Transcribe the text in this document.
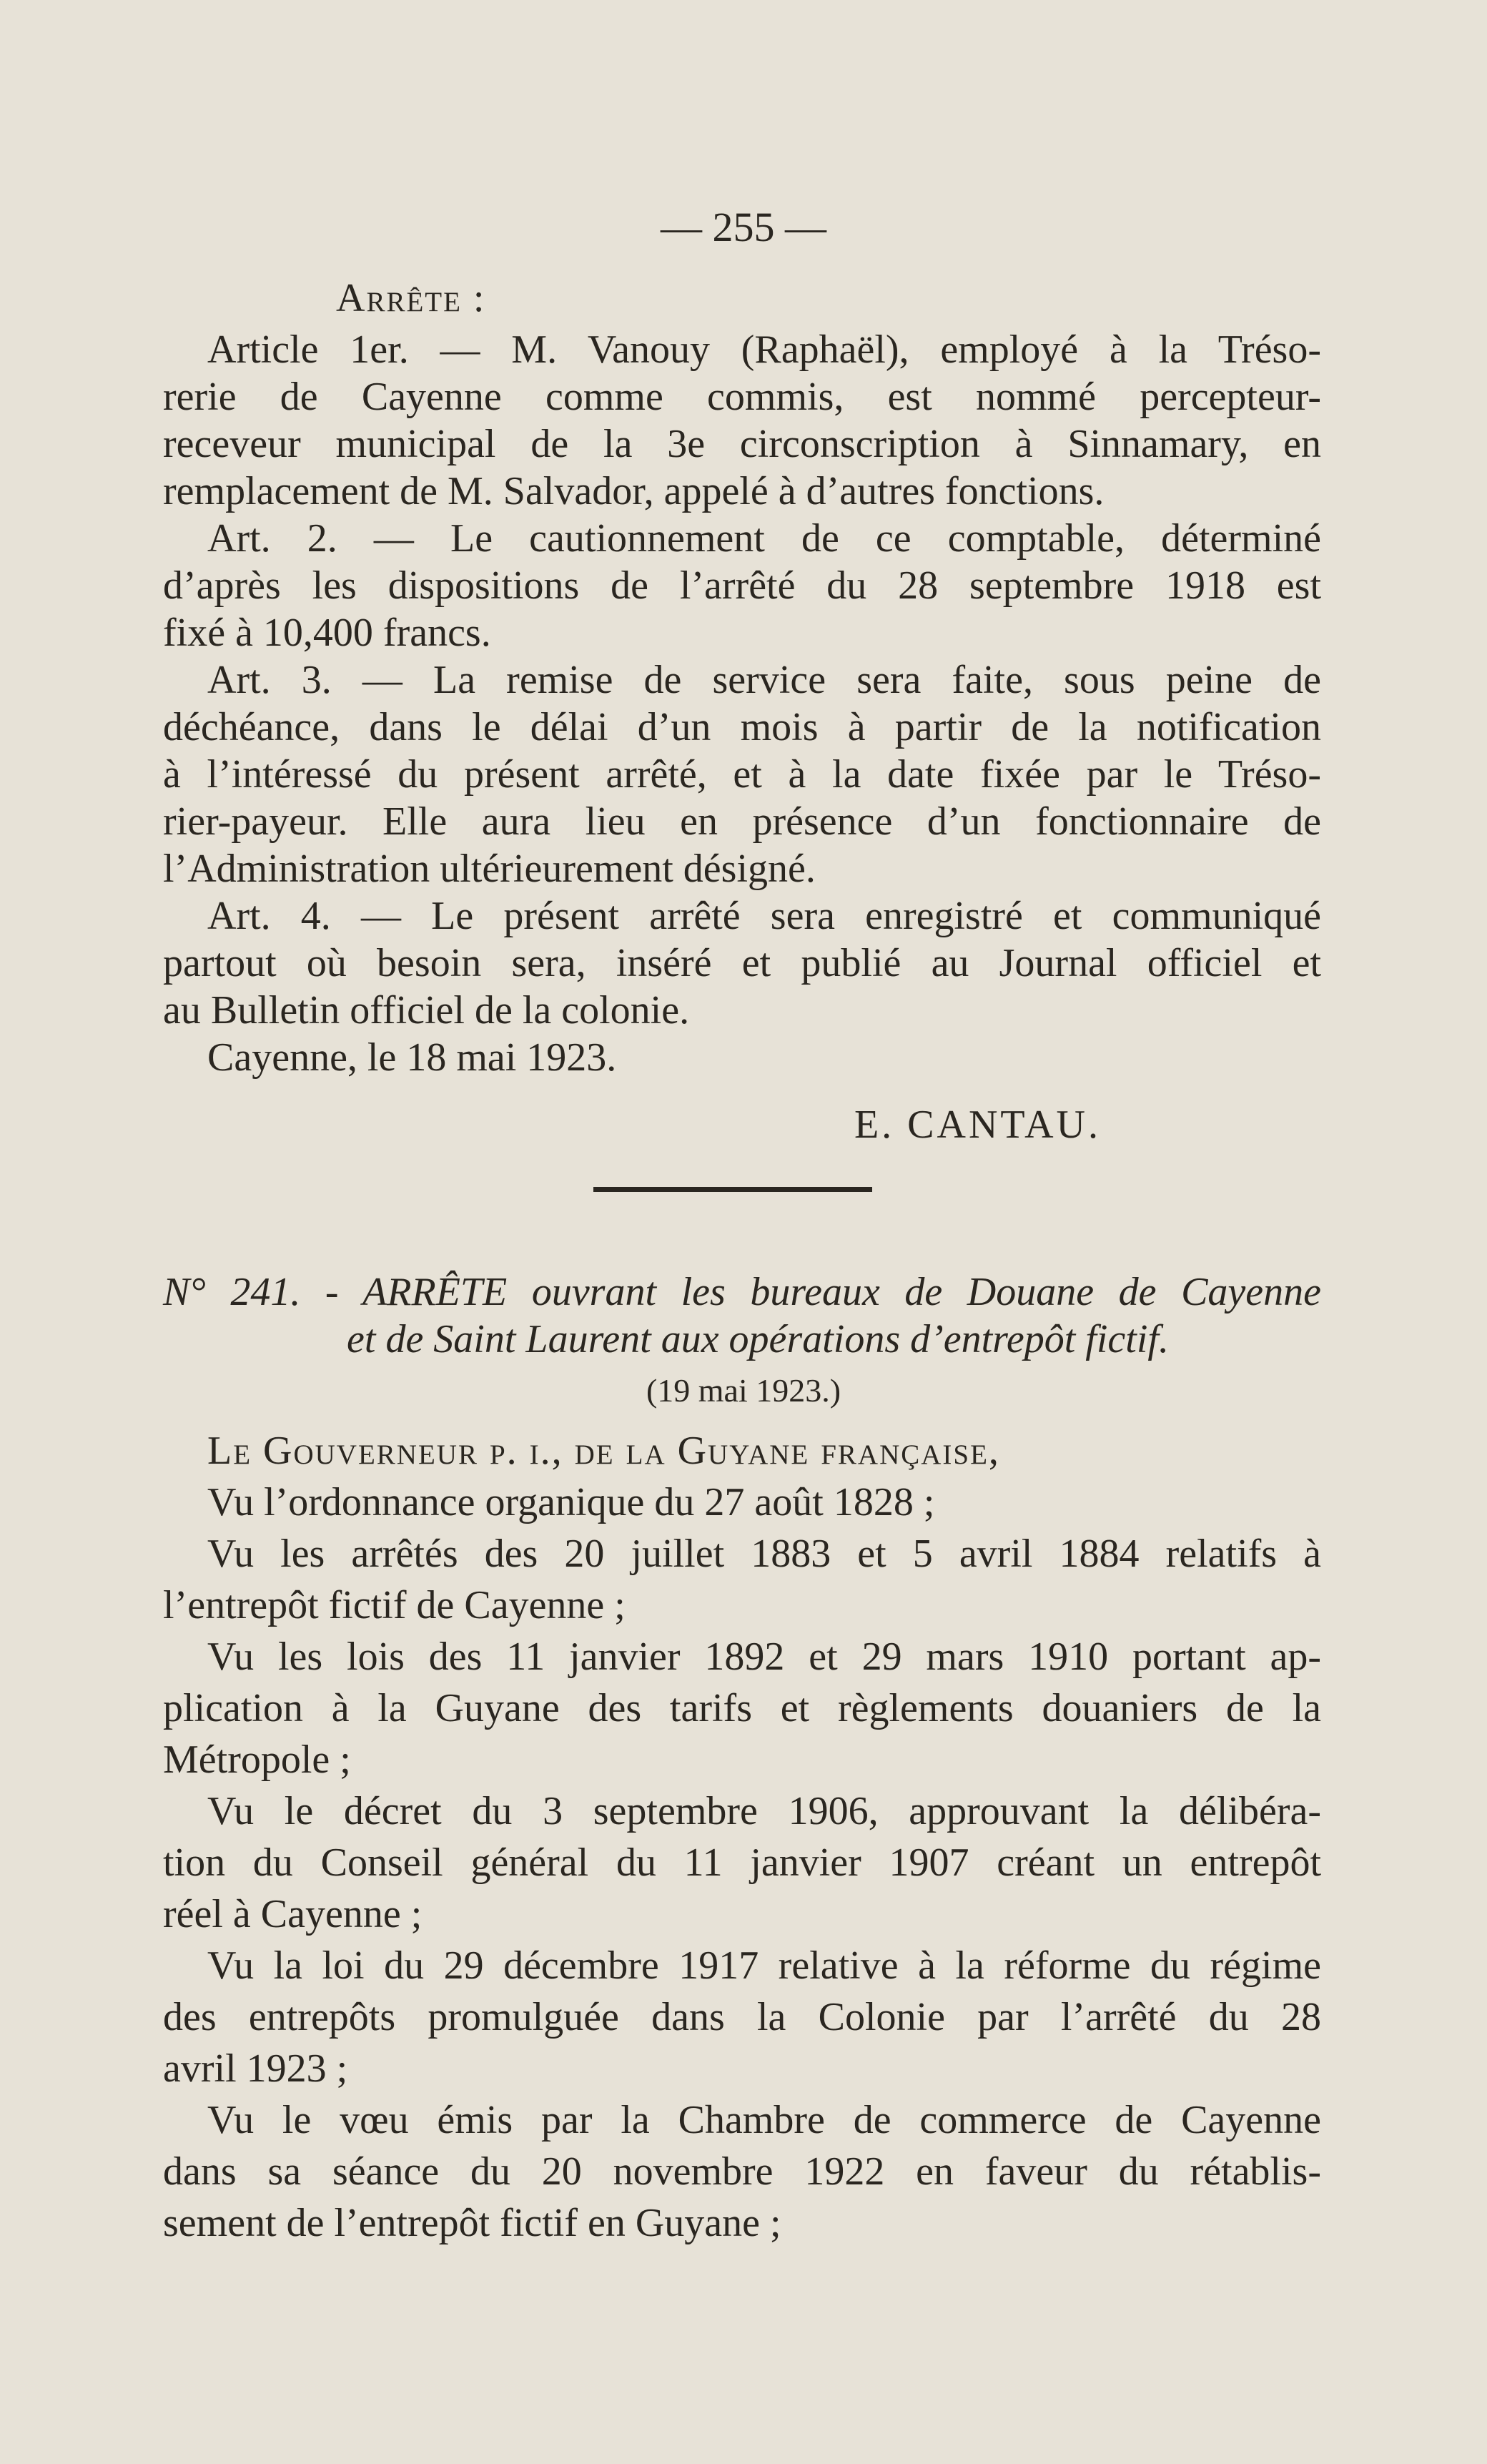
— 255 —
Arrête :
Article 1er. — M. Vanouy (Raphaël), employé à la Tréso-
rerie de Cayenne comme commis, est nommé percepteur-
receveur municipal de la 3e circonscription à Sinnamary, en
remplacement de M. Salvador, appelé à d’autres fonctions.
Art. 2. — Le cautionnement de ce comptable, déterminé
d’après les dispositions de l’arrêté du 28 septembre 1918 est
fixé à 10,400 francs.
Art. 3. — La remise de service sera faite, sous peine de
déchéance, dans le délai d’un mois à partir de la notification
à l’intéressé du présent arrêté, et à la date fixée par le Tréso-
rier-payeur. Elle aura lieu en présence d’un fonctionnaire de
l’Administration ultérieurement désigné.
Art. 4. — Le présent arrêté sera enregistré et communiqué
partout où besoin sera, inséré et publié au Journal officiel et
au Bulletin officiel de la colonie.
Cayenne, le 18 mai 1923.
E. CANTAU.
N° 241. - ARRÊTE ouvrant les bureaux de Douane de Cayenne
et de Saint Laurent aux opérations d’entrepôt fictif.
(19 mai 1923.)
Le Gouverneur p. i., de la Guyane française,
Vu l’ordonnance organique du 27 août 1828 ;
Vu les arrêtés des 20 juillet 1883 et 5 avril 1884 relatifs à
l’entrepôt fictif de Cayenne ;
Vu les lois des 11 janvier 1892 et 29 mars 1910 portant ap-
plication à la Guyane des tarifs et règlements douaniers de la
Métropole ;
Vu le décret du 3 septembre 1906, approuvant la délibéra-
tion du Conseil général du 11 janvier 1907 créant un entrepôt
réel à Cayenne ;
Vu la loi du 29 décembre 1917 relative à la réforme du régime
des entrepôts promulguée dans la Colonie par l’arrêté du 28
avril 1923 ;
Vu le vœu émis par la Chambre de commerce de Cayenne
dans sa séance du 20 novembre 1922 en faveur du rétablis-
sement de l’entrepôt fictif en Guyane ;
